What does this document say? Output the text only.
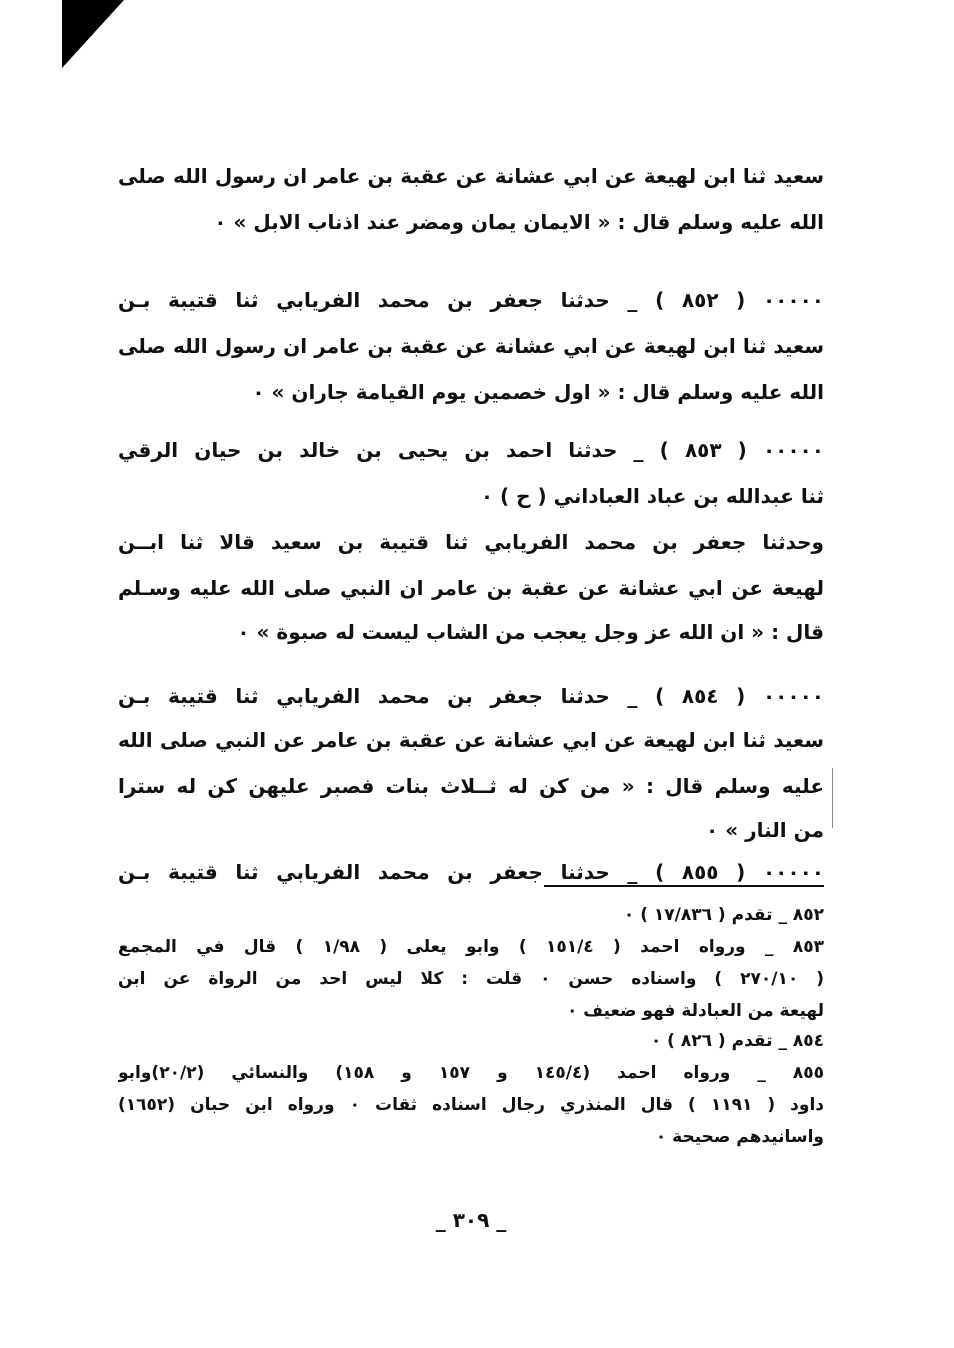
سعيد ثنا ابن لهيعة عن ابي عشانة عن عقبة بن عامر ان رسول الله صلى
الله عليه وسلم قال : « الايمان يمان ومضر عند اذناب الابل » ٠
٠٠٠٠٠ ( ٨٥٢ ) _ حدثنا جعفر بن محمد الفريابي ثنا قتيبة بـن
سعيد ثنا ابن لهيعة عن ابي عشانة عن عقبة بن عامر ان رسول الله صلى
الله عليه وسلم قال : « اول خصمين يوم القيامة جاران » ٠
٠٠٠٠٠ ( ٨٥٣ ) _ حدثنا احمد بن يحيى بن خالد بن حيان الرقي
ثنا عبدالله بن عباد العباداني ( ح ) ٠
وحدثنا جعفر بن محمد الفريابي ثنا قتيبة بن سعيد قالا ثنا ابــن
لهيعة عن ابي عشانة عن عقبة بن عامر ان النبي صلى الله عليه وسـلم
قال : « ان الله عز وجل يعجب من الشاب ليست له صبوة » ٠
٠٠٠٠٠ ( ٨٥٤ ) _ حدثنا جعفر بن محمد الفريابي ثنا قتيبة بـن
سعيد ثنا ابن لهيعة عن ابي عشانة عن عقبة بن عامر عن النبي صلى الله
عليه وسلم قال : « من كن له ثــلاث بنات فصبر عليهن كن له سترا
من النار » ٠
٠٠٠٠٠ ( ٨٥٥ ) _ حدثنا جعفر بن محمد الفريابي ثنا قتيبة بـن
٨٥٢ _ تقدم ( ١٧/٨٣٦ ) ٠
٨٥٣ _ ورواه احمد ( ١٥١/٤ ) وابو يعلى ( ١/٩٨ ) قال في المجمع
( ٢٧٠/١٠ ) واسناده حسن ٠ قلت : كلا ليس احد من الرواة عن ابن
لهيعة من العبادلة فهو ضعيف ٠
٨٥٤ _ تقدم ( ٨٢٦ ) ٠
٨٥٥ _ ورواه احمد (١٤٥/٤ و ١٥٧ و ١٥٨) والنسائي (٢٠/٢)وابو
داود ( ١١٩١ ) قال المنذري رجال اسناده ثقات ٠ ورواه ابن حبان (١٦٥٢)
واسانيدهم صحيحة ٠
_ ٣٠٩ _
